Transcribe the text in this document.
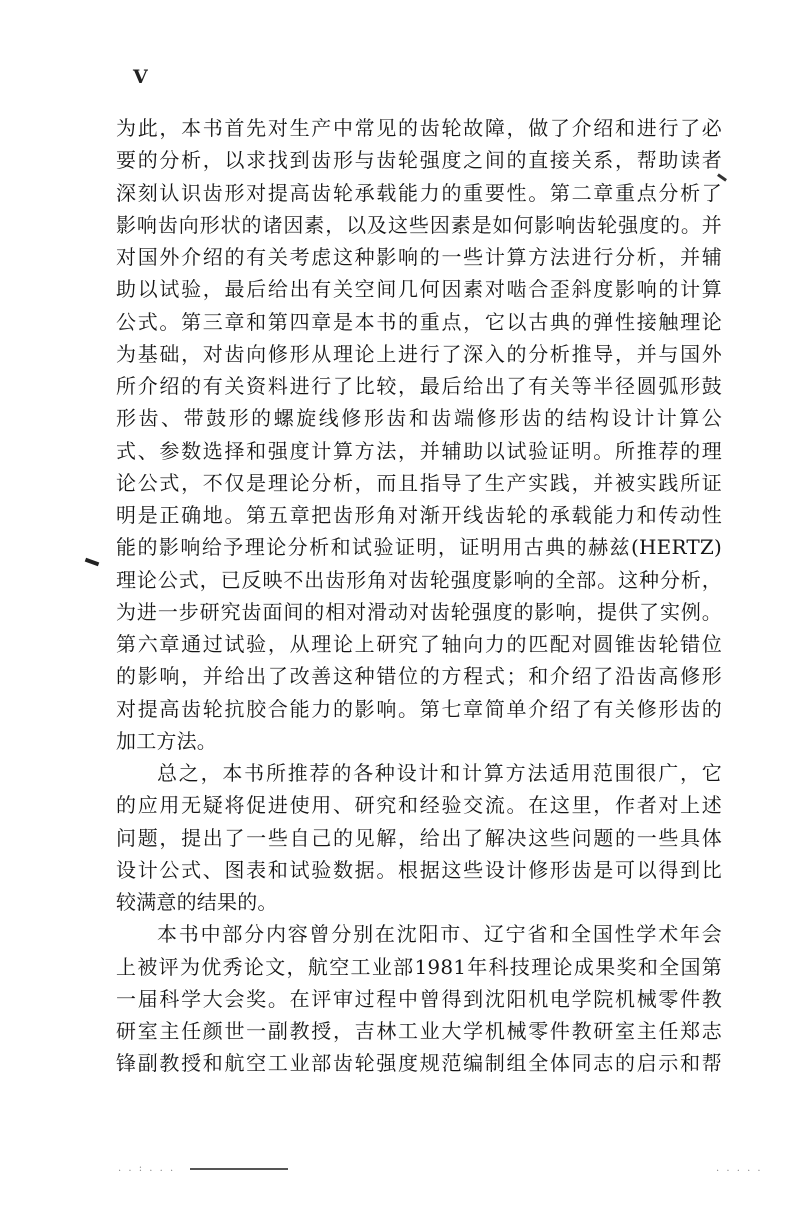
V
为此，本书首先对生产中常见的齿轮故障，做了介绍和进行了必
要的分析，以求找到齿形与齿轮强度之间的直接关系，帮助读者
深刻认识齿形对提高齿轮承载能力的重要性。第二章重点分析了
影响齿向形状的诸因素，以及这些因素是如何影响齿轮强度的。并
对国外介绍的有关考虑这种影响的一些计算方法进行分析，并辅
助以试验，最后给出有关空间几何因素对啮合歪斜度影响的计算
公式。第三章和第四章是本书的重点，它以古典的弹性接触理论
为基础，对齿向修形从理论上进行了深入的分析推导，并与国外
所介绍的有关资料进行了比较，最后给出了有关等半径圆弧形鼓
形齿、带鼓形的螺旋线修形齿和齿端修形齿的结构设计计算公
式、参数选择和强度计算方法，并辅助以试验证明。所推荐的理
论公式，不仅是理论分析，而且指导了生产实践，并被实践所证
明是正确地。第五章把齿形角对渐开线齿轮的承载能力和传动性
能的影响给予理论分析和试验证明，证明用古典的赫兹(HERTZ)
理论公式，已反映不出齿形角对齿轮强度影响的全部。这种分析，
为进一步研究齿面间的相对滑动对齿轮强度的影响，提供了实例。
第六章通过试验，从理论上研究了轴向力的匹配对圆锥齿轮错位
的影响，并给出了改善这种错位的方程式；和介绍了沿齿高修形
对提高齿轮抗胶合能力的影响。第七章简单介绍了有关修形齿的
加工方法。
总之，本书所推荐的各种设计和计算方法适用范围很广，它
的应用无疑将促进使用、研究和经验交流。在这里，作者对上述
问题，提出了一些自己的见解，给出了解决这些问题的一些具体
设计公式、图表和试验数据。根据这些设计修形齿是可以得到比
较满意的结果的。
本书中部分内容曾分别在沈阳市、辽宁省和全国性学术年会
上被评为优秀论文，航空工业部1981年科技理论成果奖和全国第
一届科学大会奖。在评审过程中曾得到沈阳机电学院机械零件教
研室主任颜世一副教授，吉林工业大学机械零件教研室主任郑志
锋副教授和航空工业部齿轮强度规范编制组全体同志的启示和帮
. . : . . .	. . . . .
